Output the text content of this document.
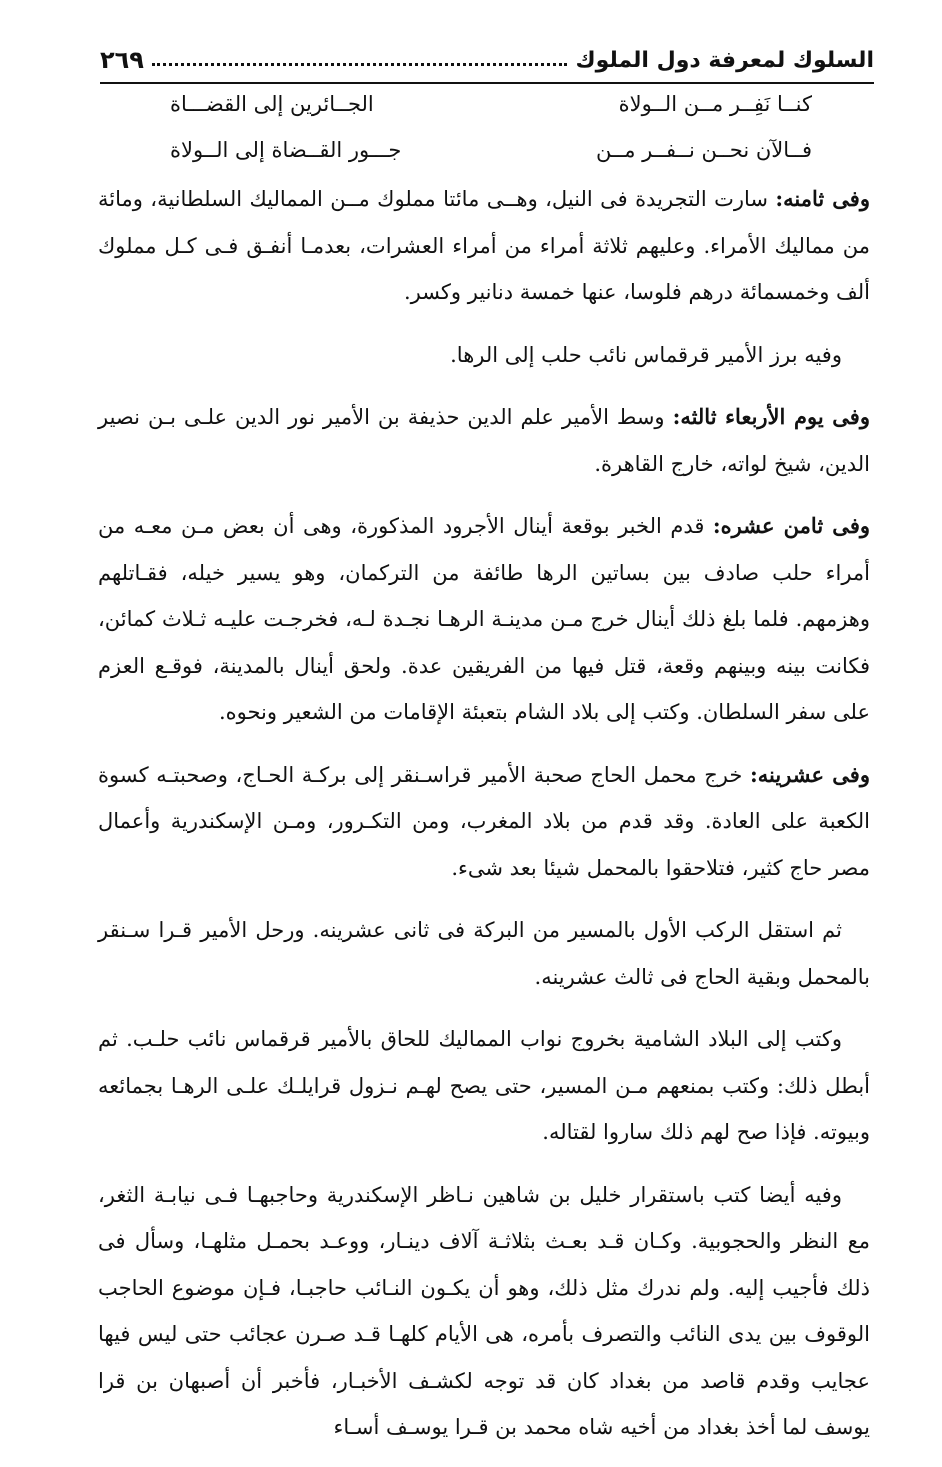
السلوك لمعرفة دول الملوك
٢٦٩
كنــا نَفِــر مــن الــولاة
الجــائرين إلى القضـــاة
فــالآن نحــن نــفــر مــن
جـــور القــضاة إلى الــولاة

وفى ثامنه: سارت التجريدة فى النيل، وهــى مائتا مملوك مــن المماليك السلطانية، ومائة من مماليك الأمراء. وعليهم ثلاثة أمراء من أمراء العشرات، بعدمـا أنفـق فـى كـل مملوك ألف وخمسمائة درهم فلوسا، عنها خمسة دنانير وكسر.

وفيه برز الأمير قرقماس نائب حلب إلى الرها.

وفى يوم الأربعاء ثالثه: وسط الأمير علم الدين حذيفة بن الأمير نور الدين علـى بـن نصير الدين، شيخ لواته، خارج القاهرة.

وفى ثامن عشره: قدم الخبر بوقعة أينال الأجرود المذكورة، وهى أن بعض مـن معـه من أمراء حلب صادف بين بساتين الرها طائفة من التركمان، وهو يسير خيله، فقـاتلهم وهزمهم. فلما بلغ ذلك أينال خرج مـن مدينـة الرهـا نجـدة لـه، فخرجـت عليـه ثـلاث كمائن، فكانت بينه وبينهم وقعة، قتل فيها من الفريقين عدة. ولحق أينال بالمدينة، فوقـع العزم على سفر السلطان. وكتب إلى بلاد الشام بتعبئة الإقامات من الشعير ونحوه.

وفى عشرينه: خرج محمل الحاج صحبة الأمير قراسـنقر إلى بركـة الحـاج، وصحبتـه كسوة الكعبة على العادة. وقد قدم من بلاد المغرب، ومن التكـرور، ومـن الإسكندرية وأعمال مصر حاج كثير، فتلاحقوا بالمحمل شيئا بعد شىء.

ثم استقل الركب الأول بالمسير من البركة فى ثانى عشرينه. ورحل الأمير قـرا سـنقر بالمحمل وبقية الحاج فى ثالث عشرينه.

وكتب إلى البلاد الشامية بخروج نواب المماليك للحاق بالأمير قرقماس نائب حلـب. ثم أبطل ذلك: وكتب بمنعهم مـن المسير، حتى يصح لهـم نـزول قرايلـك علـى الرهـا بجمائعه وبيوته. فإذا صح لهم ذلك ساروا لقتاله.

وفيه أيضا كتب باستقرار خليل بن شاهين نـاظر الإسكندرية وحاجبهـا فـى نيابـة الثغر، مع النظر والحجوبية. وكـان قـد بعـث بثلاثـة آلاف دينـار، ووعـد بحمـل مثلهـا، وسأل فى ذلك فأجيب إليه. ولم ندرك مثل ذلك، وهو أن يكـون النـائب حاجبـا، فـإن موضوع الحاجب الوقوف بين يدى النائب والتصرف بأمره، هى الأيام كلهـا قـد صـرن عجائب حتى ليس فيها عجايب وقدم قاصد من بغداد كان قد توجه لكشـف الأخبـار، فأخبر أن أصبهان بن قرا يوسف لما أخذ بغداد من أخيه شاه محمد بن قـرا يوسـف أسـاء
